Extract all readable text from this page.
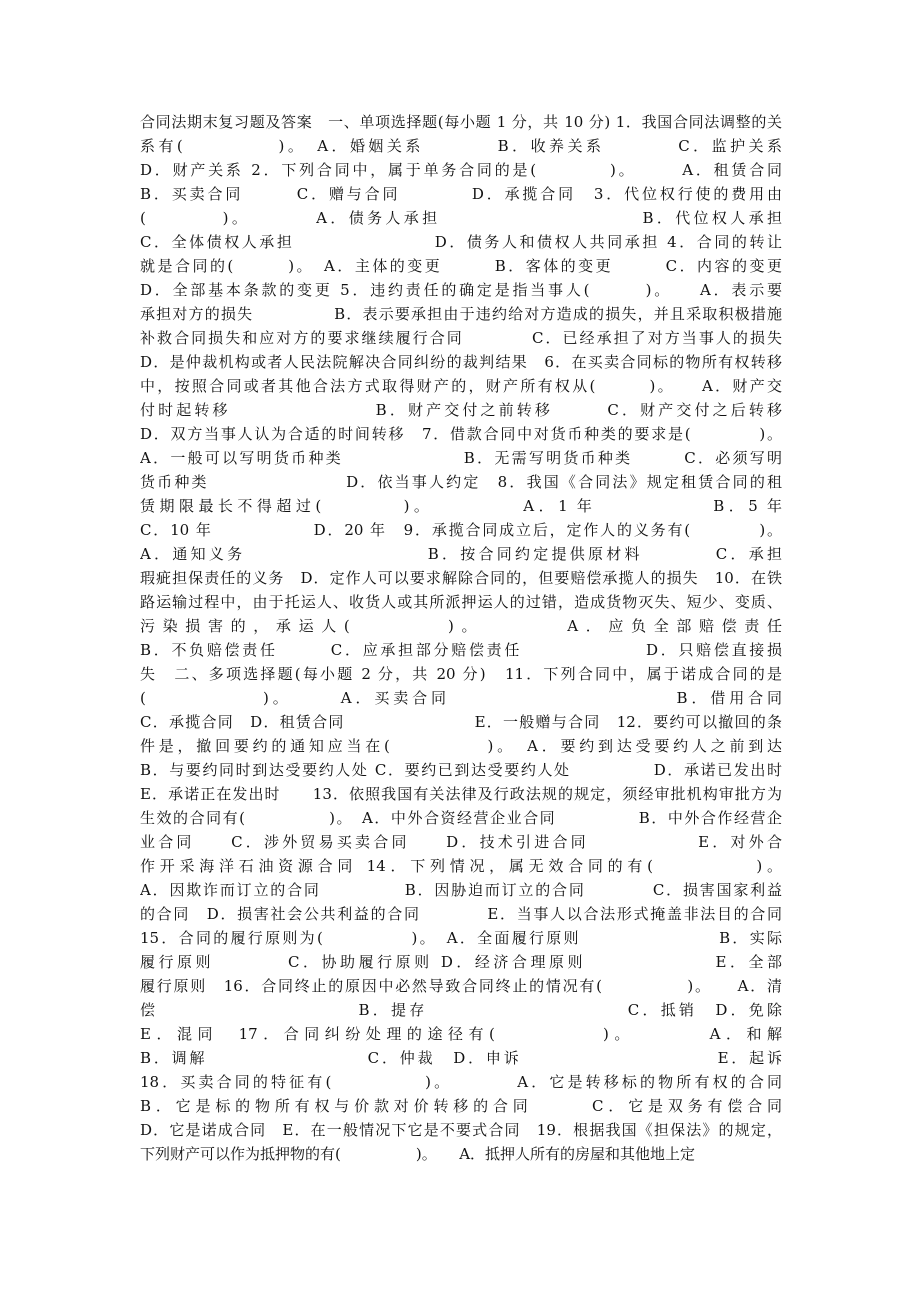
合同法期末复习题及答案　一、单项选择题(每小题 1 分，共 10 分) 1．我国合同法调整的关
系有(　　　　　)。　A．婚姻关系　　　　B．收养关系　　　　C．监护关系
D．财产关系 2．下列合同中，属于单务合同的是(　　　　)。　　　A．租赁合同
B．买卖合同　　　C．赠与合同　　　　D．承揽合同　3．代位权行使的费用由
(　　　　)。　　　　A．债务人承担　　　　　　　　　　　B．代位权人承担
C．全体债权人承担　　　　　　　　D．债务人和债权人共同承担 4．合同的转让
就是合同的(　　　)。　A．主体的变更　　　B．客体的变更　　　C．内容的变更
D．全部基本条款的变更 5．违约责任的确定是指当事人(　　　)。　　A．表示要
承担对方的损失　　　　　B．表示要承担由于违约给对方造成的损失，并且采取积极措施
补救合同损失和应对方的要求继续履行合同　　　　C．已经承担了对方当事人的损失
D．是仲裁机构或者人民法院解决合同纠纷的裁判结果　6．在买卖合同标的物所有权转移
中，按照合同或者其他合法方式取得财产的，财产所有权从(　　　)。　　A．财产交
付时起转移　　　　　　　　B．财产交付之前转移　　　C．财产交付之后转移
D．双方当事人认为合适的时间转移　7．借款合同中对货币种类的要求是(　　　　)。
A．一般可以写明货币种类　　　　　　　B．无需写明货币种类　　　C．必须写明
货币种类　　　　　　　　D．依当事人约定　8．我国《合同法》规定租赁合同的租
赁期限最长不得超过(　　　　)。　　　　　A．1 年　　　　　　B．5 年
C．10 年　　　　　　D．20 年　9．承揽合同成立后，定作人的义务有(　　　　)。
A．通知义务　　　　　　　　　　B．按合同约定提供原材料　　　　C．承担
瑕疵担保责任的义务　D．定作人可以要求解除合同的，但要赔偿承揽人的损失　10．在铁
路运输过程中，由于托运人、收货人或其所派押运人的过错，造成货物灭失、短少、变质、
污染损害的，承运人(　　　　)。　　　　A．应负全部赔偿责任
B．不负赔偿责任　　　C．应承担部分赔偿责任　　　　　　　D．只赔偿直接损
失　二、多项选择题(每小题 2 分，共 20 分)　11．下列合同中，属于诺成合同的是
(　　　　　　)。　　　A．买卖合同　　　　　　　　　　　　B．借用合同
C．承揽合同　D．租赁合同　　　　　　　　E．一般赠与合同　12．要约可以撤回的条
件是，撤回要约的通知应当在(　　　　　)。　A．要约到达受要约人之前到达
B．与要约同时到达受要约人处 C．要约已到达受要约人处　　　　　D．承诺已发出时
E．承诺正在发出时　　13．依照我国有关法律及行政法规的规定，须经审批机构审批方为
生效的合同有(　　　　　)。　A．中外合资经营企业合同　　　　　B．中外合作经营企
业合同　　C．涉外贸易买卖合同　　D．技术引进合同　　　　　　E．对外合
作开采海洋石油资源合同 14．下列情况，属无效合同的有(　　　　　)。
A．因欺诈而订立的合同　　　　　B．因胁迫而订立的合同　　　　C．损害国家利益
的合同　D．损害社会公共利益的合同　　　　E．当事人以合法形式掩盖非法目的合同
15．合同的履行原则为(　　　　　)。　A．全面履行原则　　　　　　　　B．实际
履行原则　　　　C．协助履行原则 D．经济合理原则　　　　　　　E．全部
履行原则　16．合同终止的原因中必然导致合同终止的情况有(　　　　　)。　　A．清
偿　　　　　　　　　　　B．提存　　　　　　　　　　　C．抵销　D．免除
E．混同　17．合同纠纷处理的途径有(　　　　　)。　　　　A．和解
B．调解　　　　　　　　　C．仲裁　D．申诉　　　　　　　　　　　E．起诉
18．买卖合同的特征有(　　　　　)。　　　　A．它是转移标的物所有权的合同
B．它是标的物所有权与价款对价转移的合同　　　C．它是双务有偿合同
D．它是诺成合同　E．在一般情况下它是不要式合同　19．根据我国《担保法》的规定，
下列财产可以作为抵押物的有(　　　　　)。　　A．抵押人所有的房屋和其他地上定
